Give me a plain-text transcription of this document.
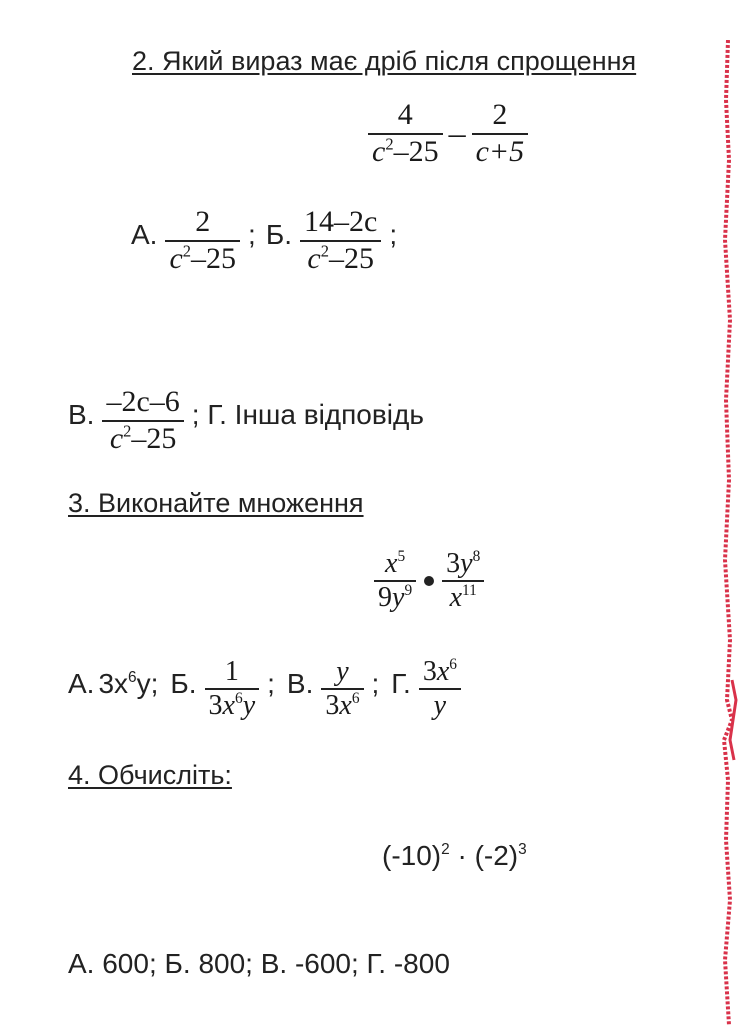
2. Який вираз має дріб після спрощення
$\frac{4}{c^2-25} - \frac{2}{c+5}$
А. $\frac{2}{c^2-25}$ ; Б. $\frac{14-2c}{c^2-25}$ ;
В. $\frac{-2c-6}{c^2-25}$ ; Г. Інша відповідь
3. Виконайте множення
$\frac{x^5}{9y^9} \frac{3y^8}{x^{11}}$
А. $3x^6y$; Б. $\frac{1}{3x^6y}$ ; В. $\frac{y}{3x^6}$ ; Г. $\frac{3x^6}{y}$
4. Обчисліть:
$(-10)^2 \cdot (-2)^3$
А. 600; Б. 800; В. -600; Г. -800
